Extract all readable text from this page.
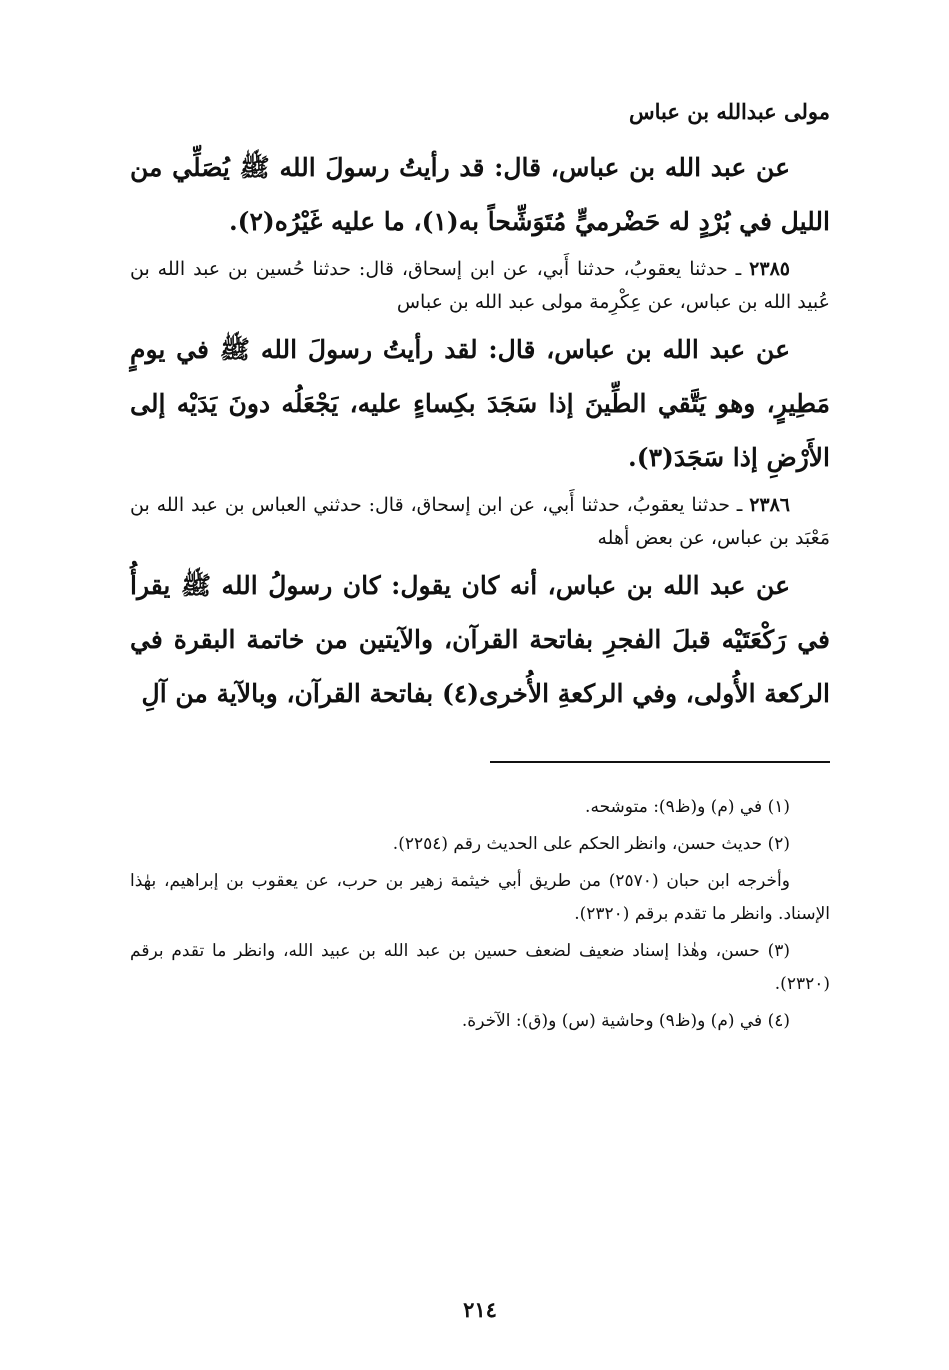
مولى عبدالله بن عباس

عن عبد الله بن عباس، قال: قد رأيتُ رسولَ الله ﷺ يُصَلِّي من الليل في بُرْدٍ له حَضْرميٍّ مُتَوَشِّحاً به(١)، ما عليه غَيْرُه(٢).

٢٣٨٥ ـ حدثنا يعقوبُ، حدثنا أَبي، عن ابن إسحاق، قال: حدثنا حُسين بن عبد الله بن عُبيد الله بن عباس، عن عِكْرِمة مولى عبد الله بن عباس

عن عبد الله بن عباس، قال: لقد رأيتُ رسولَ الله ﷺ في يومٍ مَطِيرٍ، وهو يَتَّقي الطِّينَ إذا سَجَدَ بكِساءٍ عليه، يَجْعَلُه دونَ يَدَيْه إلى الأَرْضِ إذا سَجَدَ(٣).

٢٣٨٦ ـ حدثنا يعقوبُ، حدثنا أَبي، عن ابن إسحاق، قال: حدثني العباس بن عبد الله بن مَعْبَد بن عباس، عن بعض أهله

عن عبد الله بن عباس، أنه كان يقول: كان رسولُ الله ﷺ يقرأُ في رَكْعَتَيْه قبلَ الفجرِ بفاتحة القرآن، والآيتين من خاتمة البقرة في الركعة الأُولى، وفي الركعةِ الأُخرى(٤) بفاتحة القرآن، وبالآية من آلِ

(١) في (م) و(ظ٩): متوشحه.

(٢) حديث حسن، وانظر الحكم على الحديث رقم (٢٢٥٤).

وأخرجه ابن حبان (٢٥٧٠) من طريق أبي خيثمة زهير بن حرب، عن يعقوب بن إبراهيم، بهٰذا الإسناد. وانظر ما تقدم برقم (٢٣٢٠).

(٣) حسن، وهٰذا إسناد ضعيف لضعف حسين بن عبد الله بن عبيد الله، وانظر ما تقدم برقم (٢٣٢٠).

(٤) في (م) و(ظ٩) وحاشية (س) و(ق): الآخرة.

٢١٤
